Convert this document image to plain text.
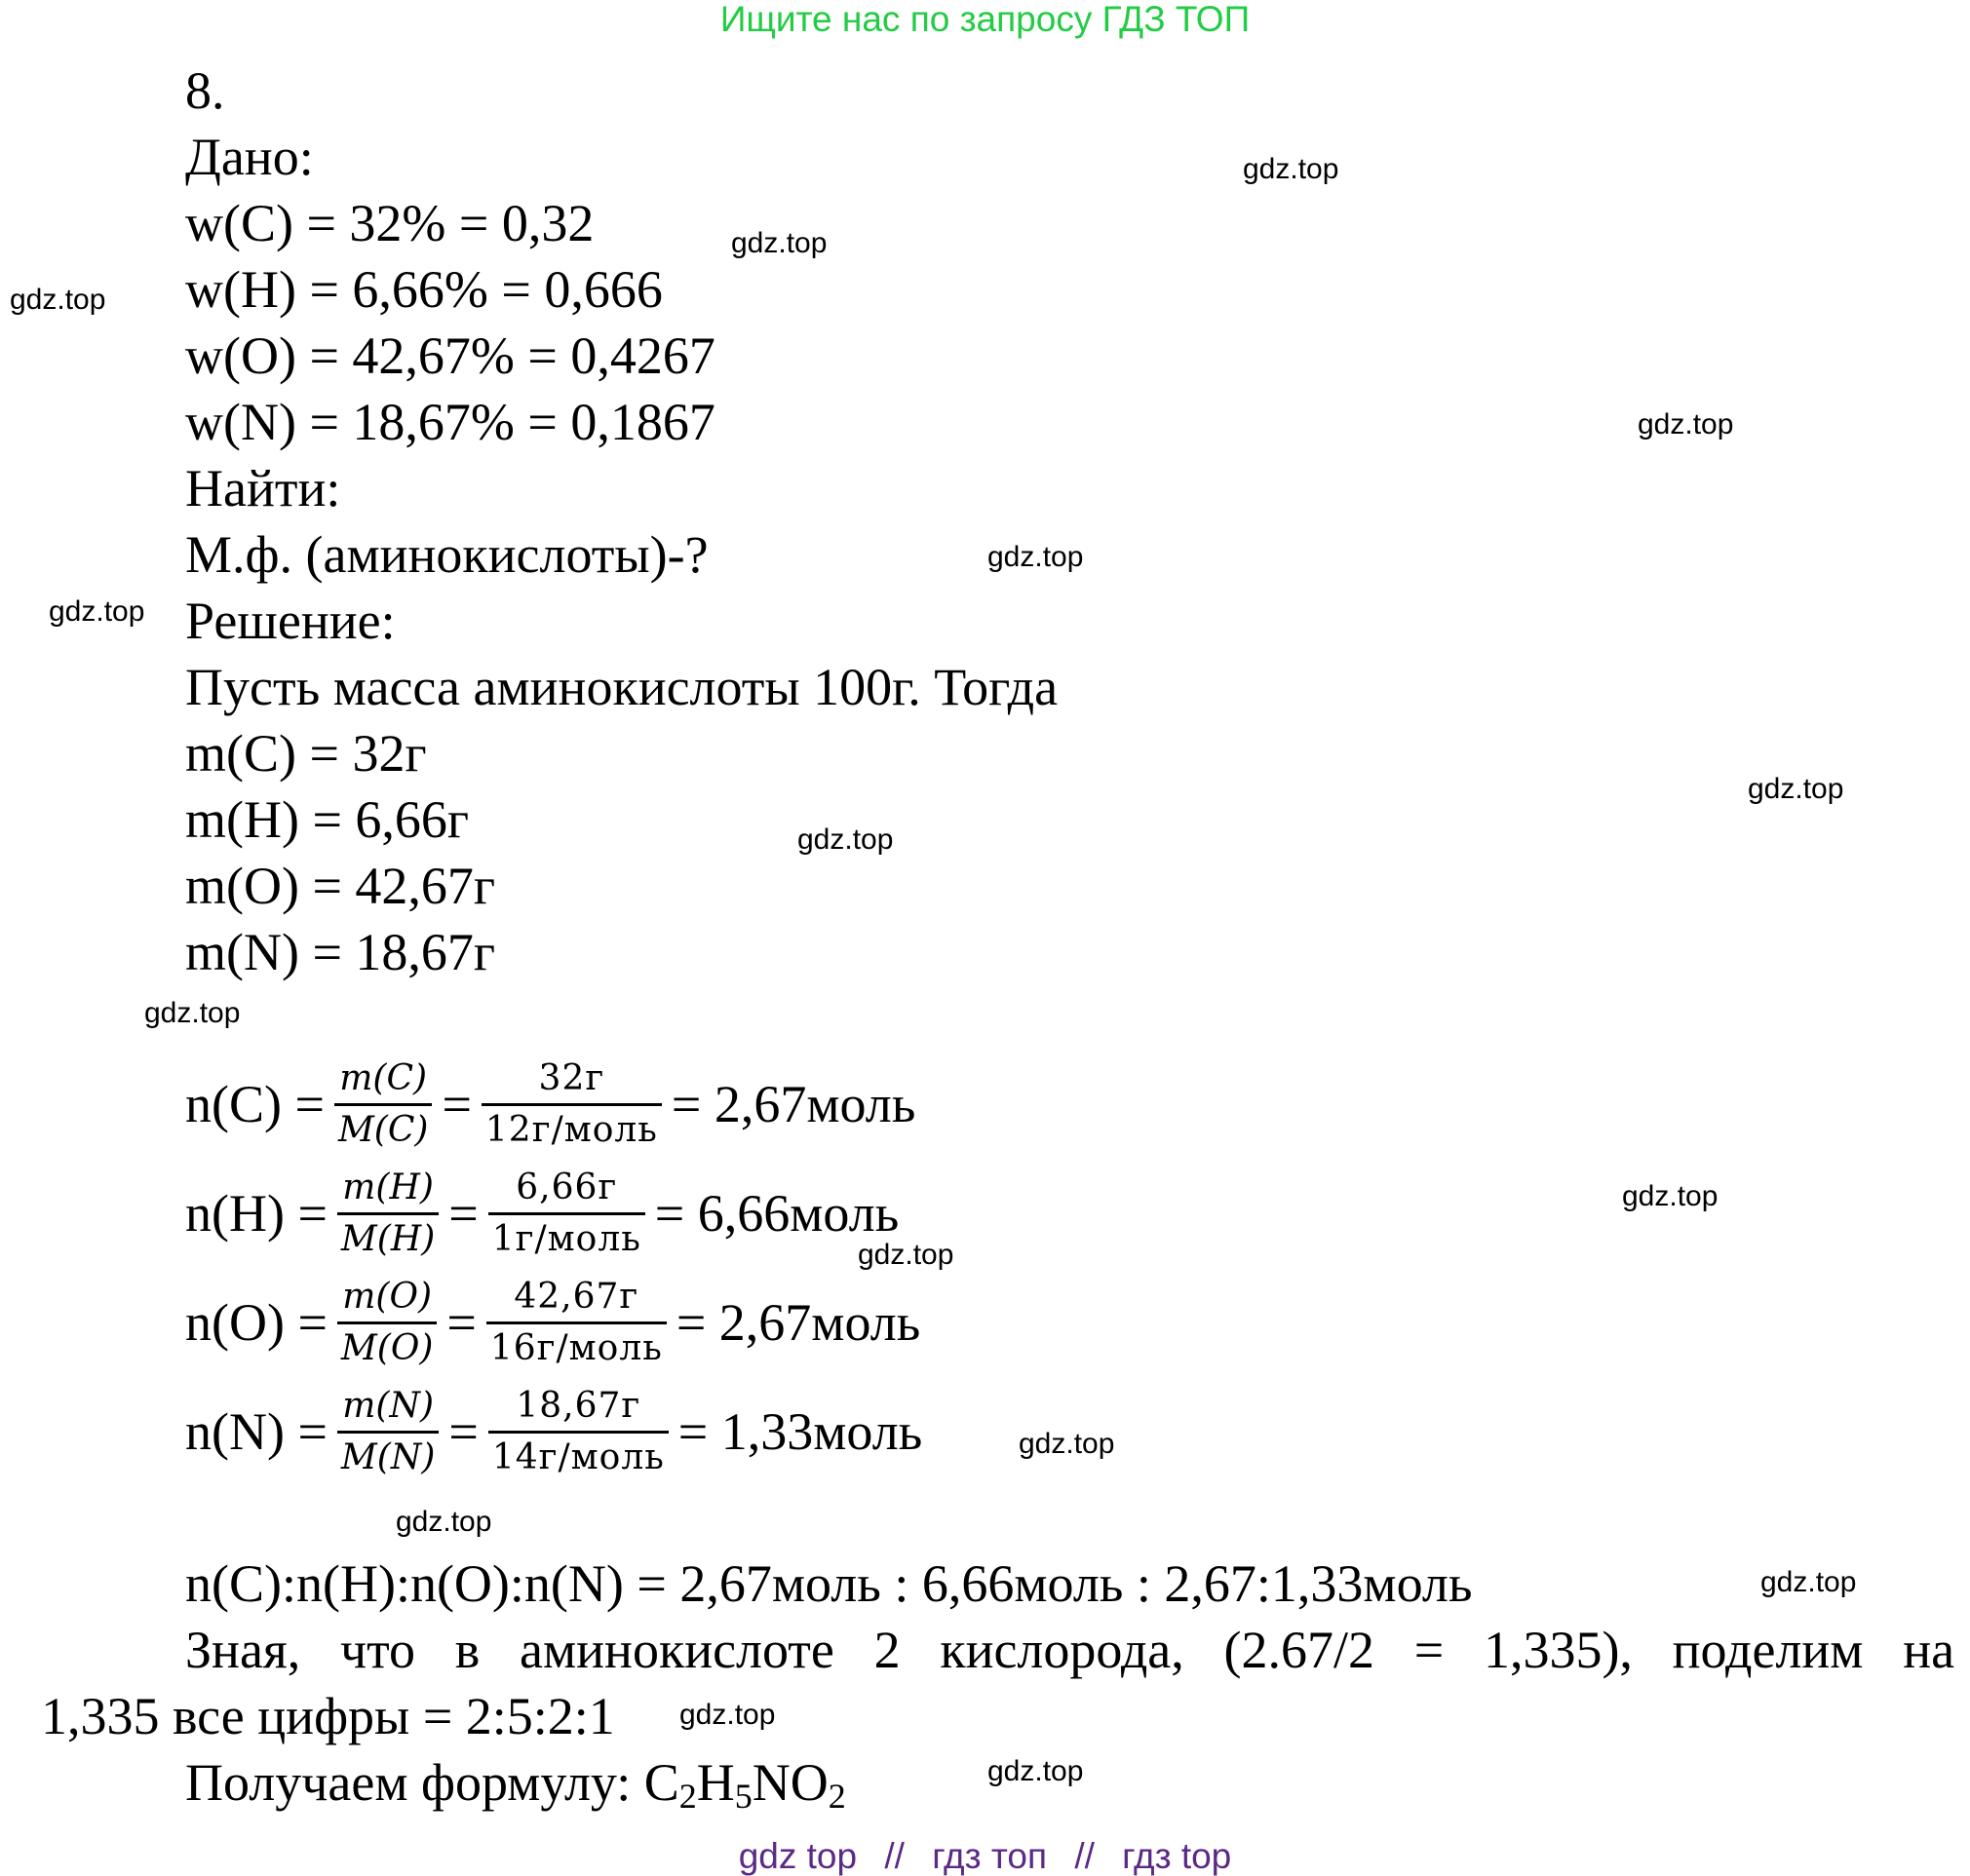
Ищите нас по запросу ГДЗ ТОП
8.
Дано:
w(C) = 32% = 0,32
w(H) = 6,66% = 0,666
w(O) = 42,67% = 0,4267
w(N) = 18,67% = 0,1867
Найти:
М.ф. (аминокислоты)-?
Решение:
Пусть масса аминокислоты 100г. Тогда
m(C) = 32г
m(H) = 6,66г
m(O) = 42,67г
m(N) = 18,67г
$n(C) = \frac{m(C)}{M(C)} = \frac{32г}{\text{12г/моль}}$ = 2,67моль
$n(H) = \frac{m(H)}{M(H)} = \frac{6,66г}{\text{1г/моль}}$ = 6,66моль
$n(O) = \frac{m(O)}{M(O)} = \frac{42,67г}{\text{16г/моль}}$ = 2,67моль
$n(N) = \frac{m(N)}{M(N)} = \frac{18,67г}{\text{14г/моль}}$ = 1,33моль
n(C):n(H):n(O):n(N) = 2,67моль : 6,66моль : 2,67:1,33моль
Зная, что в аминокислоте 2 кислорода, (2.67/2 = 1,335), поделим на
1,335 все цифры = 2:5:2:1
Получаем формулу: $C_2H_5NO_2$
gdz.top
gdz.top
gdz.top
gdz.top
gdz.top
gdz.top
gdz.top
gdz.top
gdz.top
gdz.top
gdz.top
gdz.top
gdz.top
gdz.top
gdz.top
gdz.top
gdz top // гдз топ // гдз top
